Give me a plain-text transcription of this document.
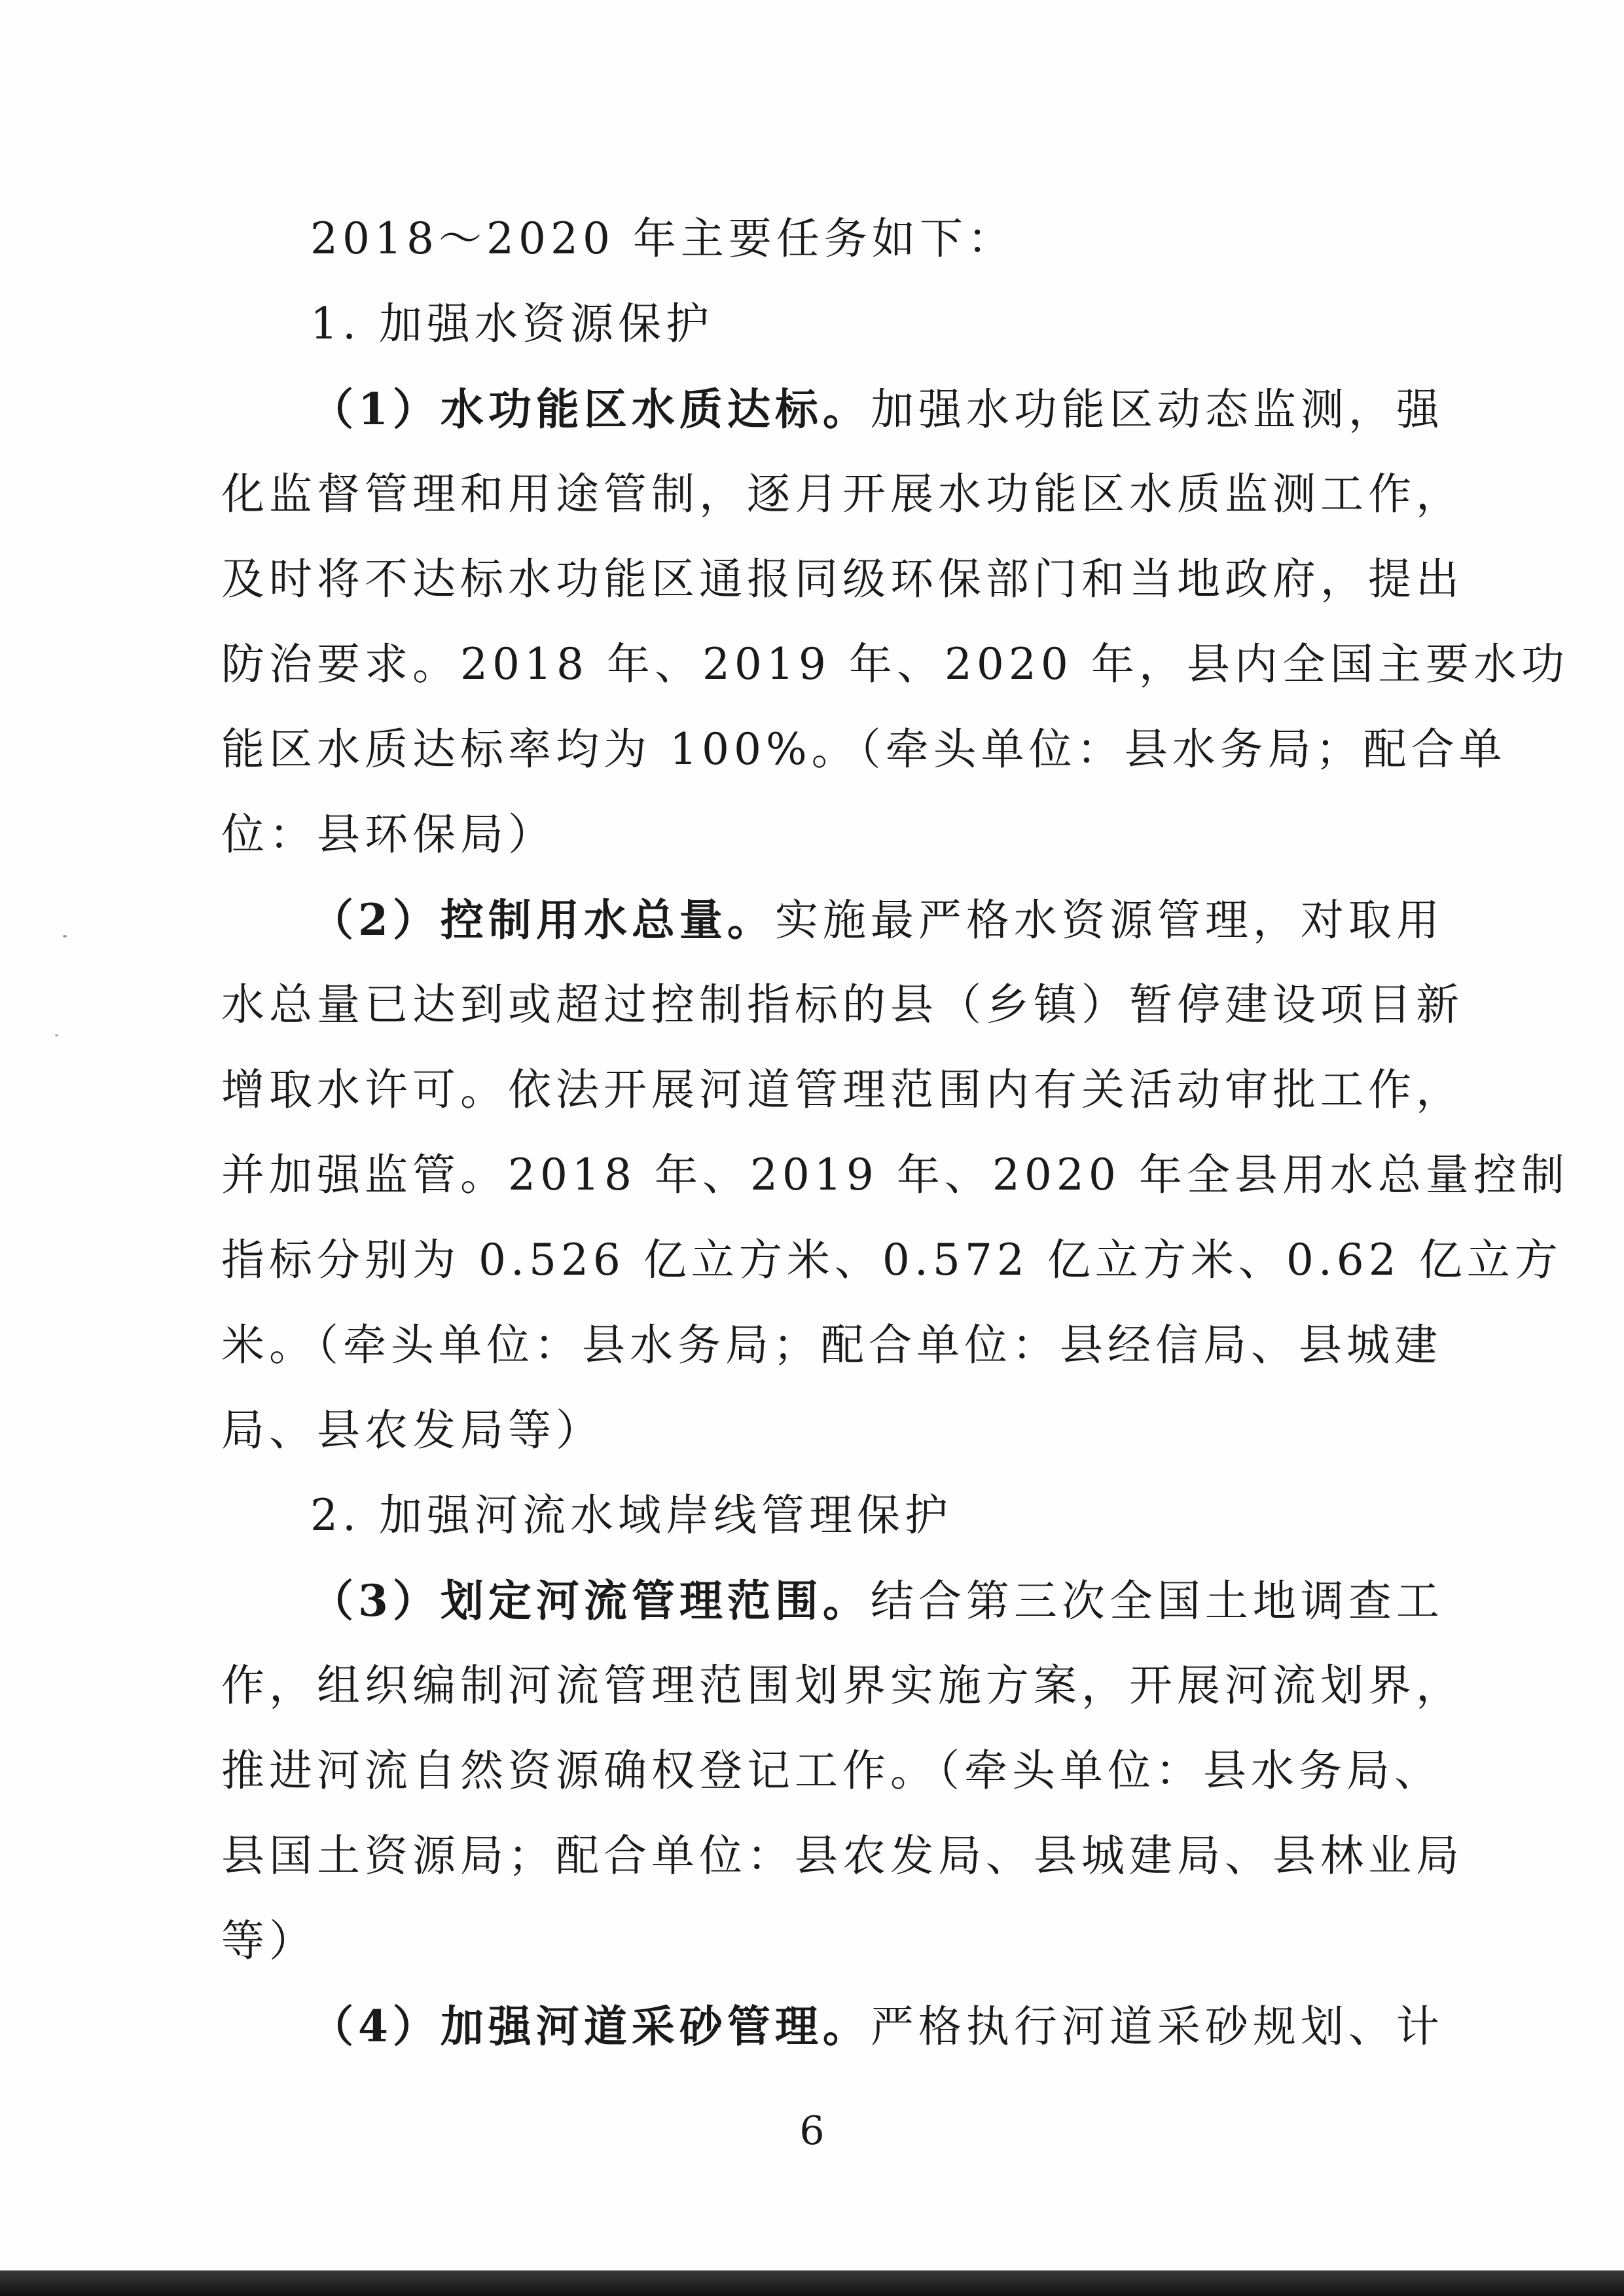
2018～2020 年主要任务如下：
1. 加强水资源保护
（1）水功能区水质达标。加强水功能区动态监测，强
化监督管理和用途管制，逐月开展水功能区水质监测工作，
及时将不达标水功能区通报同级环保部门和当地政府，提出
防治要求。2018 年、2019 年、2020 年，县内全国主要水功
能区水质达标率均为 100%。（牵头单位：县水务局；配合单
位：县环保局）
（2）控制用水总量。实施最严格水资源管理，对取用
水总量已达到或超过控制指标的县（乡镇）暂停建设项目新
增取水许可。依法开展河道管理范围内有关活动审批工作，
并加强监管。2018 年、2019 年、2020 年全县用水总量控制
指标分别为 0.526 亿立方米、0.572 亿立方米、0.62 亿立方
米。（牵头单位：县水务局；配合单位：县经信局、县城建
局、县农发局等）
2. 加强河流水域岸线管理保护
（3）划定河流管理范围。结合第三次全国土地调查工
作，组织编制河流管理范围划界实施方案，开展河流划界，
推进河流自然资源确权登记工作。（牵头单位：县水务局、
县国土资源局；配合单位：县农发局、县城建局、县林业局
等）
（4）加强河道采砂管理。严格执行河道采砂规划、计
6
